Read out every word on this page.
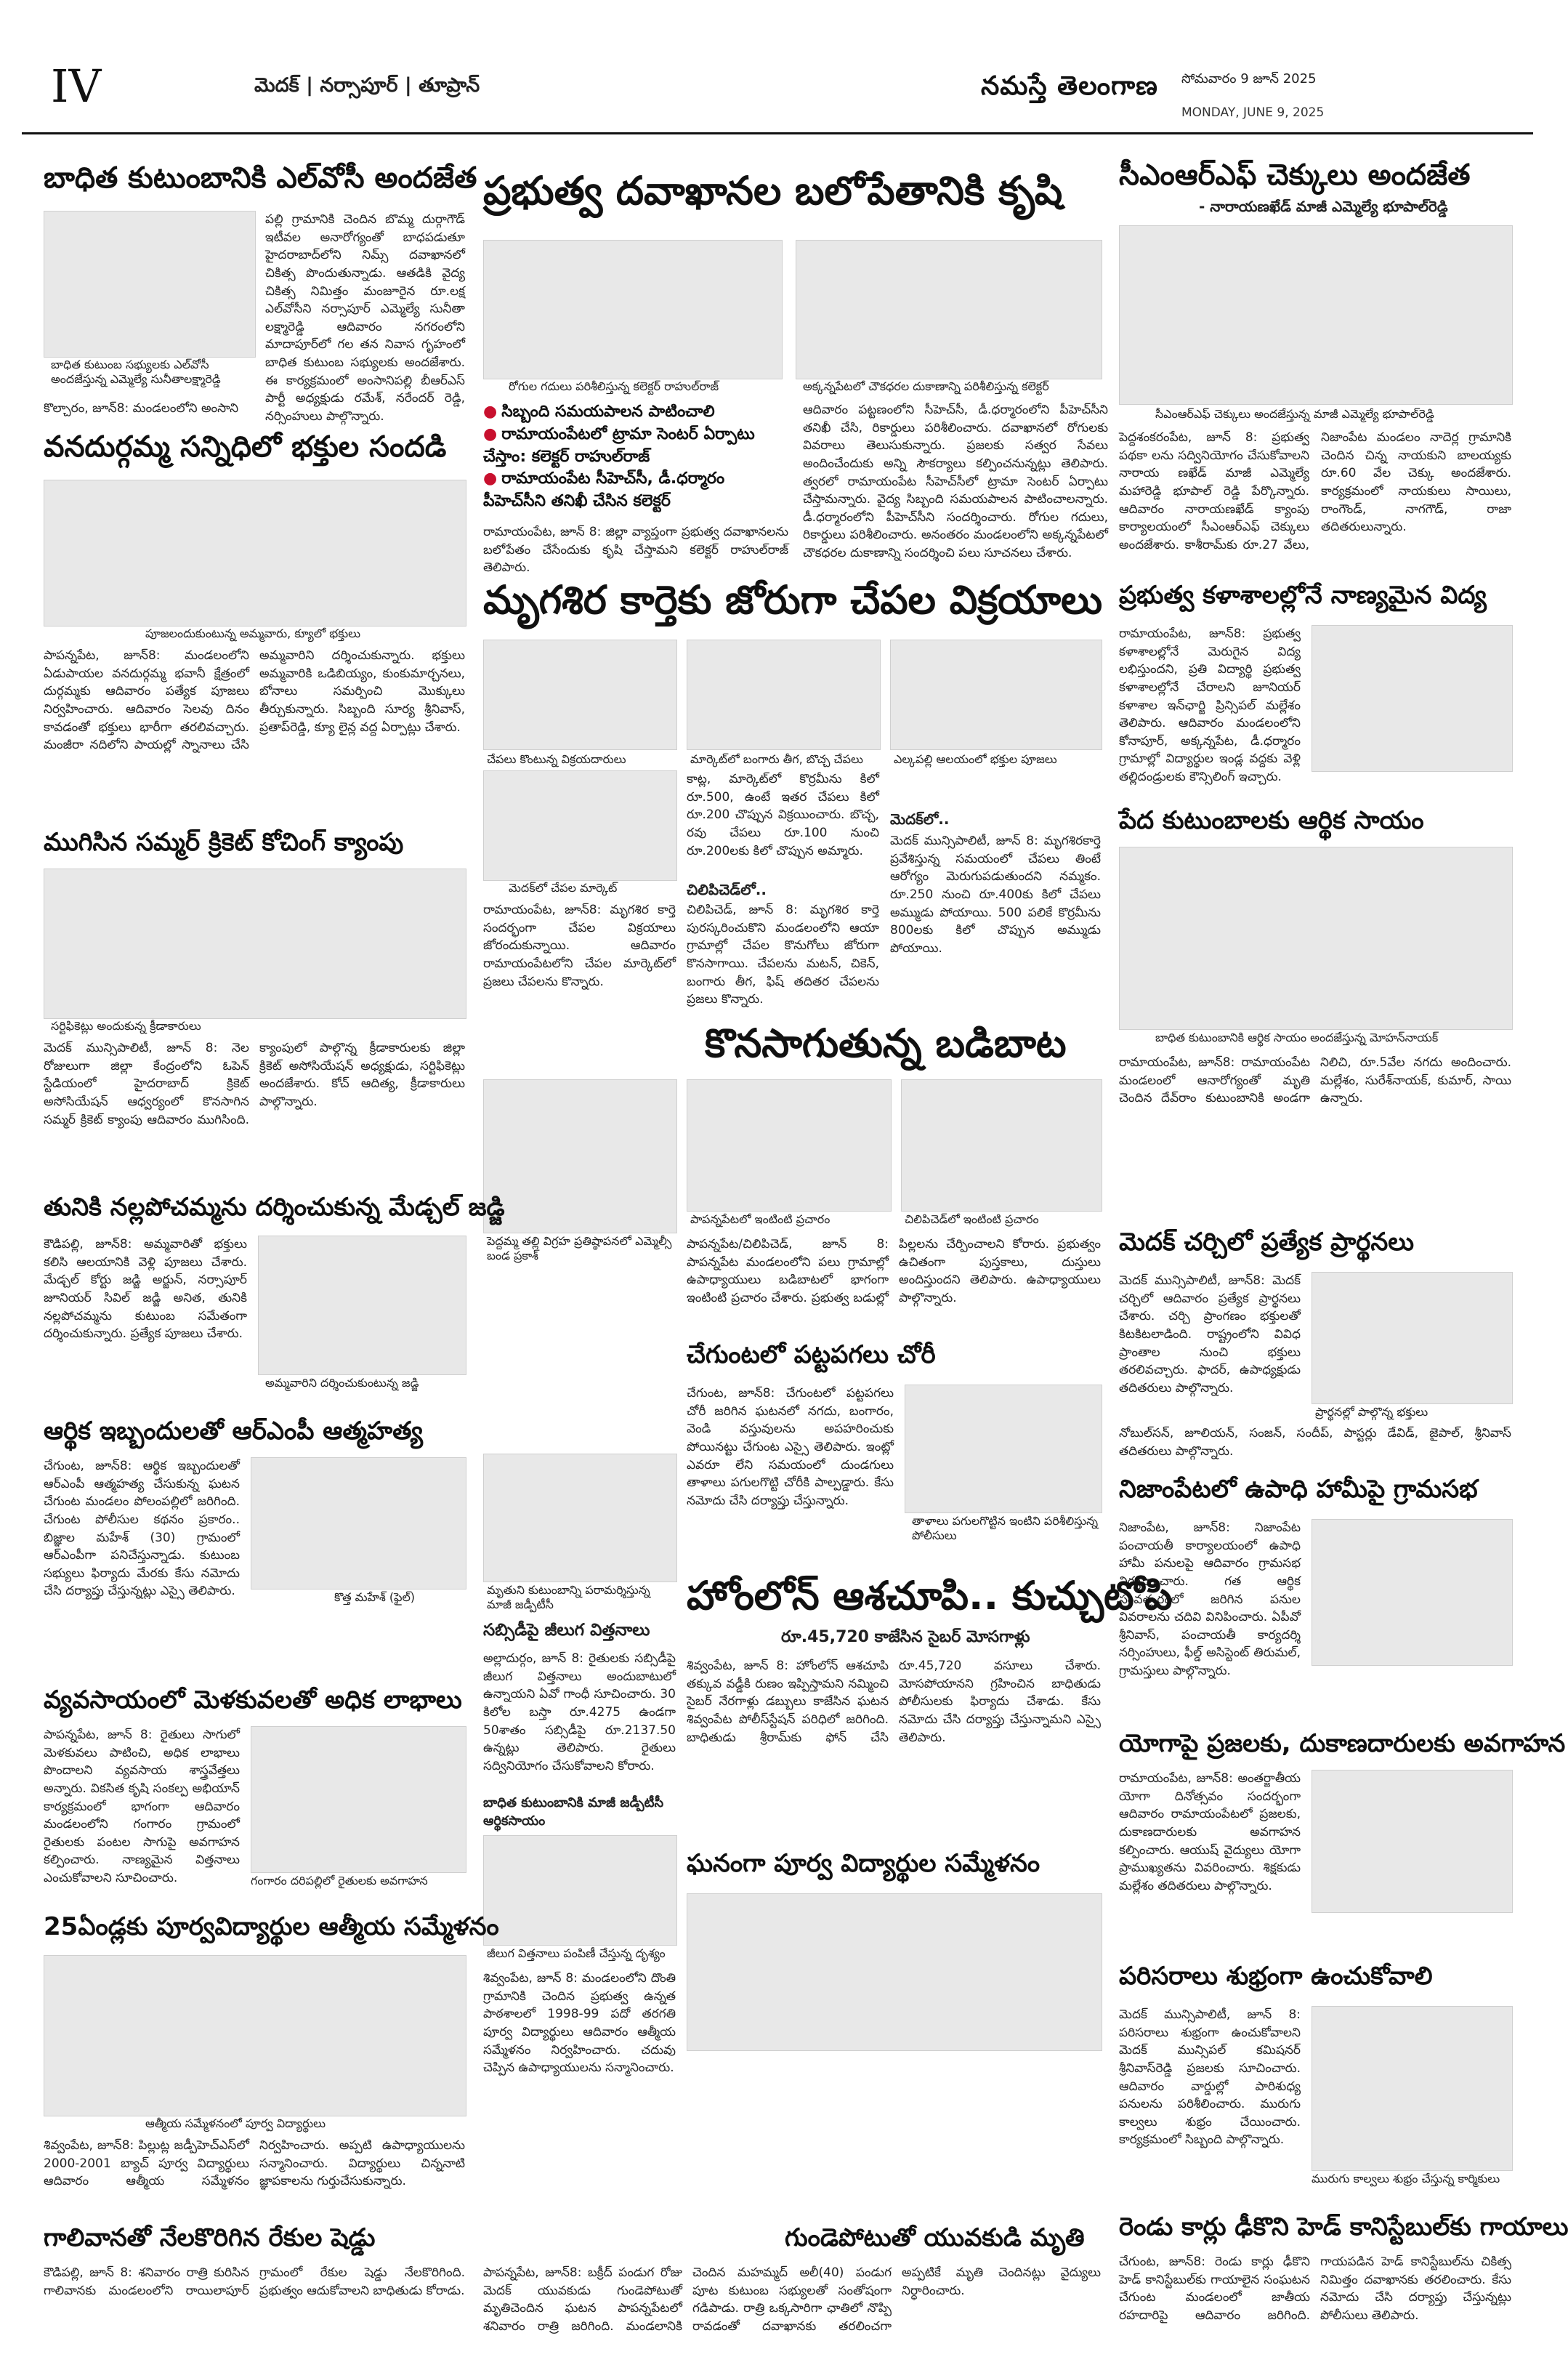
IV	మెదక్ | నర్సాపూర్ | తూప్రాన్	నమస్తే తెలంగాణ సోమవారం 9 జూన్ 2025
MONDAY, JUNE 9, 2025
బాధిత కుటుంబానికి ఎల్‌వోసీ అందజేత
బాధిత కుటుంబ సభ్యులకు ఎల్‌వోసీ అందజేస్తున్న ఎమ్మెల్యే సునీతాలక్ష్మారెడ్డి
పల్లి గ్రామానికి చెందిన బొమ్మ దుర్గాగౌడ్ ఇటీవల అనారోగ్యంతో బాధపడుతూ హైదరాబాద్‌లోని నిమ్స్ దవాఖానలో చికిత్స పొందుతున్నాడు. ఆతడికి వైద్య చికిత్స నిమిత్తం మంజూరైన రూ.లక్ష ఎల్‌వోసీని నర్సాపూర్ ఎమ్మెల్యే సునీతా లక్ష్మారెడ్డి ఆదివారం నగరంలోని మాదాపూర్‌లో గల తన నివాస గృహంలో బాధిత కుటుంబ సభ్యులకు అందజేశారు. ఈ కార్యక్రమంలో అంసానిపల్లి బీఆర్ఎస్ పార్టీ అధ్యక్షుడు రమేశ్, నరేందర్ రెడ్డి, నర్సింహులు పాల్గొన్నారు.
కొల్చారం, జూన్8: మండలంలోని అంసాని
ప్రభుత్వ దవాఖానల బలోపేతానికి కృషి
రోగుల గదులు పరిశీలిస్తున్న కలెక్టర్ రాహుల్‌రాజ్	అక్కన్నపేటలో చౌకధరల దుకాణాన్ని పరిశీలిస్తున్న కలెక్టర్
● సిబ్బంది సమయపాలన పాటించాలి
● రామాయంపేటలో ట్రామా సెంటర్ ఏర్పాటు చేస్తాం: కలెక్టర్ రాహుల్‌రాజ్
● రామాయంపేట సీహెచ్‌సీ, డీ.ధర్మారం పీహెచ్‌సీని తనిఖీ చేసిన కలెక్టర్
రామాయంపేట, జూన్ 8: జిల్లా వ్యాప్తంగా ప్రభుత్వ దవాఖానలను బలోపేతం చేసేందుకు కృషి చేస్తామని కలెక్టర్ రాహుల్‌రాజ్ తెలిపారు.
ఆదివారం పట్టణంలోని సీహెచ్‌సీ, డీ.ధర్మారంలోని పీహెచ్‌సీని తనిఖీ చేసి, రికార్డులు పరిశీలించారు. దవాఖానలో రోగులకు వివరాలు తెలుసుకున్నారు. ప్రజలకు సత్వర సేవలు అందించేందుకు అన్ని సౌకర్యాలు కల్పించనున్నట్లు తెలిపారు. త్వరలో రామాయంపేట సీహెచ్‌సీలో ట్రామా సెంటర్ ఏర్పాటు చేస్తామన్నారు. వైద్య సిబ్బంది సమయపాలన పాటించాలన్నారు. డీ.ధర్మారంలోని పీహెచ్‌సీని సందర్శించారు. రోగుల గదులు, రికార్డులు పరిశీలించారు. అనంతరం మండలంలోని అక్కన్నపేటలో చౌకధరల దుకాణాన్ని సందర్శించి పలు సూచనలు చేశారు.
సీఎంఆర్‌ఎఫ్ చెక్కులు అందజేత
- నారాయణఖేడ్ మాజీ ఎమ్మెల్యే భూపాల్‌రెడ్డి
సీఎంఆర్‌ఎఫ్ చెక్కులు అందజేస్తున్న మాజీ ఎమ్మెల్యే భూపాల్‌రెడ్డి
పెద్దశంకరంపేట, జూన్ 8: ప్రభుత్వ పథకా లను సద్వినియోగం చేసుకోవాలని నారాయ ణఖేడ్ మాజీ ఎమ్మెల్యే మహారెడ్డి భూపాల్ రెడ్డి పేర్కొన్నారు. ఆదివారం నారాయణఖేడ్ క్యాంపు కార్యాలయంలో సీఎంఆర్‌ఎఫ్ చెక్కులు అందజేశారు. కాశీరామ్‌కు రూ.27 వేలు, నిజాంపేట మండలం నాదెర్ల గ్రామానికి చెందిన చిన్న నాయకుని బాలయ్యకు రూ.60 వేల చెక్కు అందజేశారు. కార్యక్రమంలో నాయకులు సాయిలు, రాంగౌండ్, నాగగౌడ్, రాజా తదితరులున్నారు.
వనదుర్గమ్మ సన్నిధిలో భక్తుల సందడి
పూజలందుకుంటున్న అమ్మవారు, క్యూలో భక్తులు
పాపన్నపేట, జూన్8: మండలంలోని ఏడుపాయల వనదుర్గమ్మ భవానీ క్షేత్రంలో దుర్గమ్మకు ఆదివారం పత్యేక పూజలు నిర్వహించారు. ఆదివారం సెలవు దినం కావడంతో భక్తులు భారీగా తరలివచ్చారు. మంజీరా నదిలోని పాయల్లో స్నానాలు చేసి అమ్మవారిని దర్శించుకున్నారు. భక్తులు అమ్మవారికి ఒడిబియ్యం, కుంకుమార్చనలు, బోనాలు సమర్పించి మొక్కులు తీర్చుకున్నారు. సిబ్బంది సూర్య శ్రీనివాస్, ప్రతాప్‌రెడ్డి, క్యూ లైన్ల వద్ద ఏర్పాట్లు చేశారు.
మృగశిర కార్తెకు జోరుగా చేపల విక్రయాలు
చేపలు కొంటున్న విక్రయదారులు	మార్కెట్‌లో బంగారు తీగ, బొచ్చ చేపలు	ఎల్కపల్లి ఆలయంలో భక్తుల పూజలు
కాట్ల, మార్కెట్‌లో కొర్రమీను కిలో రూ.500, ఉంటే ఇతర చేపలు కిలో రూ.200 చొప్పున విక్రయించారు. బొచ్చ, రవు చేపలు రూ.100 నుంచి రూ.200లకు కిలో చొప్పున అమ్మారు.
మెదక్‌లో..
మెదక్ మున్సిపాలిటీ, జూన్ 8: మృగశిరకార్తె ప్రవేశిస్తున్న సమయంలో చేపలు తింటే ఆరోగ్యం మెరుగుపడుతుందని నమ్మకం. రూ.250 నుంచి రూ.400కు కిలో చేపలు అమ్ముడు పోయాయి. 500 పలికే కొర్రమీను 800లకు కిలో చొప్పున అమ్ముడు పోయాయి.
మెదక్‌లో చేపల మార్కెట్
రామాయంపేట, జూన్8: మృగశిర కార్తె సందర్భంగా చేపల విక్రయాలు జోరందుకున్నాయి. ఆదివారం రామాయంపేటలోని చేపల మార్కెట్‌లో ప్రజలు చేపలను కొన్నారు.
చిలిపిచెడ్‌లో..
చిలిపిచెడ్, జూన్ 8: మృగశిర కార్తె పురస్కరించుకొని మండలంలోని ఆయా గ్రామాల్లో చేపల కొనుగోలు జోరుగా కొనసాగాయి. చేపలను మటన్, చికెన్, బంగారు తీగ, ఫిష్ తదితర చేపలను ప్రజలు కొన్నారు.
ప్రభుత్వ కళాశాలల్లోనే నాణ్యమైన విద్య
రామాయంపేట, జూన్8: ప్రభుత్వ కళాశాలల్లోనే మెరుగైన విద్య లభిస్తుందని, ప్రతి విద్యార్థి ప్రభుత్వ కళాశాలల్లోనే చేరాలని జూనియర్ కళాశాల ఇన్‌ఛార్జి ప్రిన్సిపల్ మల్లేశం తెలిపారు. ఆదివారం మండలంలోని కోనాపూర్, అక్కన్నపేట, డీ.ధర్మారం గ్రామాల్లో విద్యార్థుల ఇండ్ల వద్దకు వెళ్లి తల్లిదండ్రులకు కౌన్సిలింగ్ ఇచ్చారు.
ముగిసిన సమ్మర్ క్రికెట్ కోచింగ్ క్యాంపు
సర్టిఫికెట్లు అందుకున్న క్రీడాకారులు
మెదక్ మున్సిపాలిటీ, జూన్ 8: నెల రోజులుగా జిల్లా కేంద్రంలోని ఓపెన్ స్టేడియంలో హైదరాబాద్ క్రికెట్ అసోసియేషన్ ఆధ్వర్యంలో కొనసాగిన సమ్మర్ క్రికెట్ క్యాంపు ఆదివారం ముగిసింది. క్యాంపులో పాల్గొన్న క్రీడాకారులకు జిల్లా క్రికెట్ అసోసియేషన్ అధ్యక్షుడు, సర్టిఫికెట్లు అందజేశారు. కోచ్ ఆదిత్య, క్రీడాకారులు పాల్గొన్నారు.
పేద కుటుంబాలకు ఆర్థిక సాయం
బాధిత కుటుంబానికి ఆర్థిక సాయం అందజేస్తున్న మోహన్‌నాయక్
రామాయంపేట, జూన్8: రామాయంపేట మండలంలో ఆనారోగ్యంతో మృతి చెందిన దేవ్‌రాం కుటుంబానికి అండగా నిలిచి, రూ.5వేల నగదు అందించారు. మల్లేశం, సురేశ్‌నాయక్, కుమార్, సాయి ఉన్నారు.
కొనసాగుతున్న బడిబాట
పెద్దమ్మ తల్లి విగ్రహ ప్రతిష్ఠాపనలో ఎమ్మెల్సీ బండ ప్రకాశ్
పాపన్నపేటలో ఇంటింటి ప్రచారం	చిలిపిచెడ్‌లో ఇంటింటి ప్రచారం
పాపన్నపేట/చిలిపిచెడ్, జూన్ 8: పాపన్నపేట మండలంలోని పలు గ్రామాల్లో ఉపాధ్యాయులు బడిబాటలో భాగంగా ఇంటింటి ప్రచారం చేశారు. ప్రభుత్వ బడుల్లో పిల్లలను చేర్పించాలని కోరారు. ప్రభుత్వం ఉచితంగా పుస్తకాలు, దుస్తులు అందిస్తుందని తెలిపారు. ఉపాధ్యాయులు పాల్గొన్నారు.
తునికి నల్లపోచమ్మను దర్శించుకున్న మేడ్చల్ జడ్జి
కౌడిపల్లి, జూన్8: అమ్మవారితో భక్తులు కలిసి ఆలయానికి వెళ్లి పూజలు చేశారు. మేడ్చల్ కోర్టు జడ్జి అర్జున్, నర్సాపూర్ జూనియర్ సివిల్ జడ్జి అనిత, తునికి నల్లపోచమ్మను కుటుంబ సమేతంగా దర్శించుకున్నారు. ప్రత్యేక పూజలు చేశారు.
అమ్మవారిని దర్శించుకుంటున్న జడ్జి
మెదక్ చర్చిలో ప్రత్యేక ప్రార్థనలు
మెదక్ మున్సిపాలిటీ, జూన్8: మెదక్ చర్చిలో ఆదివారం ప్రత్యేక ప్రార్థనలు చేశారు. చర్చి ప్రాంగణం భక్తులతో కిటకిటలాడింది. రాష్ట్రంలోని వివిధ ప్రాంతాల నుంచి భక్తులు తరలివచ్చారు. ఫాదర్, ఉపాధ్యక్షుడు తదితరులు పాల్గొన్నారు.
ప్రార్థనల్లో పాల్గొన్న భక్తులు
నోబుల్‌సన్, జూలియన్, సంజన్, సందీప్, పాస్టర్లు డేవిడ్, జైపాల్, శ్రీనివాస్ తదితరులు పాల్గొన్నారు.
చేగుంటలో పట్టపగలు చోరీ
చేగుంట, జూన్8: చేగుంటలో పట్టపగలు చోరీ జరిగిన ఘటనలో నగదు, బంగారం, వెండి వస్తువులను అపహరించుకు పోయినట్టు చేగుంట ఎస్సై తెలిపారు. ఇంట్లో ఎవరూ లేని సమయంలో దుండగులు తాళాలు పగులగొట్టి చోరీకి పాల్పడ్డారు. కేసు నమోదు చేసి దర్యాప్తు చేస్తున్నారు.
తాళాలు పగులగొట్టిన ఇంటిని పరిశీలిస్తున్న పోలీసులు
ఆర్థిక ఇబ్బందులతో ఆర్‌ఎంపీ ఆత్మహత్య
చేగుంట, జూన్8: ఆర్థిక ఇబ్బందులతో ఆర్‌ఎంపీ ఆత్మహత్య చేసుకున్న ఘటన చేగుంట మండలం పోలంపల్లిలో జరిగింది. చేగుంట పోలీసుల కథనం ప్రకారం.. బిజ్ఞాల మహేశ్ (30) గ్రామంలో ఆర్‌ఎంపీగా పనిచేస్తున్నాడు. కుటుంబ సభ్యులు ఫిర్యాదు మేరకు కేసు నమోదు చేసి దర్యాప్తు చేస్తున్నట్లు ఎస్సై తెలిపారు.	కొత్త మహేశ్ (ఫైల్)
నిజాంపేటలో ఉపాధి హామీపై గ్రామసభ
నిజాంపేట, జూన్8: నిజాంపేట పంచాయతీ కార్యాలయంలో ఉపాధి హామీ పనులపై ఆదివారం గ్రామసభ నిర్వహించారు. గత ఆర్థిక సంవత్సరంలో జరిగిన పనుల వివరాలను చదివి వినిపించారు. ఏపీవో శ్రీనివాస్, పంచాయతీ కార్యదర్శి నర్సింహులు, ఫీల్డ్ అసిస్టెంట్ తిరుమల్, గ్రామస్తులు పాల్గొన్నారు.
హోంలోన్ ఆశచూపి.. కుచ్చుటోపి
రూ.45,720 కాజేసిన సైబర్ మోసగాళ్లు
శివ్వంపేట, జూన్ 8: హోంలోన్ ఆశచూపి తక్కువ వడ్డీకి రుణం ఇప్పిస్తామని నమ్మించి సైబర్ నేరగాళ్లు డబ్బులు కాజేసిన ఘటన శివ్వంపేట పోలీస్‌స్టేషన్ పరిధిలో జరిగింది. బాధితుడు శ్రీరామ్‌కు ఫోన్ చేసి రూ.45,720 వసూలు చేశారు. మోసపోయానని గ్రహించిన బాధితుడు పోలీసులకు ఫిర్యాదు చేశాడు. కేసు నమోదు చేసి దర్యాప్తు చేస్తున్నామని ఎస్సై తెలిపారు.
మృతుని కుటుంబాన్ని పరామర్శిస్తున్న మాజీ జడ్పీటీసీ
సబ్సిడీపై జీలుగ విత్తనాలు
అల్లాదుర్గం, జూన్ 8: రైతులకు సబ్సిడీపై జీలుగ విత్తనాలు అందుబాటులో ఉన్నాయని ఏవో గాంధీ సూచించారు. 30 కిలోల బస్తా రూ.4275 ఉండగా 50శాతం సబ్సిడీపై రూ.2137.50 ఉన్నట్లు తెలిపారు. రైతులు సద్వినియోగం చేసుకోవాలని కోరారు.
బాధిత కుటుంబానికి మాజీ జడ్పీటీసీ ఆర్థికసాయం
జీలుగ విత్తనాలు పంపిణీ చేస్తున్న దృశ్యం
వ్యవసాయంలో మెళకువలతో అధిక లాభాలు
పాపన్నపేట, జూన్ 8: రైతులు సాగులో మెళకువలు పాటించి, అధిక లాభాలు పొందాలని వ్యవసాయ శాస్త్రవేత్తలు అన్నారు. వికసిత కృషి సంకల్ప అభియాన్ కార్యక్రమంలో భాగంగా ఆదివారం మండలంలోని గంగారం గ్రామంలో రైతులకు పంటల సాగుపై అవగాహన కల్పించారు. నాణ్యమైన విత్తనాలు ఎంచుకోవాలని సూచించారు.	గంగారం దరిపల్లిలో రైతులకు అవగాహన
యోగాపై ప్రజలకు, దుకాణదారులకు అవగాహన
రామాయంపేట, జూన్8: అంతర్జాతీయ యోగా దినోత్సవం సందర్భంగా ఆదివారం రామాయంపేటలో ప్రజలకు, దుకాణదారులకు అవగాహన కల్పించారు. ఆయుష్ వైద్యులు యోగా ప్రాముఖ్యతను వివరించారు. శిక్షకుడు మల్లేశం తదితరులు పాల్గొన్నారు.
ఘనంగా పూర్వ విద్యార్థుల సమ్మేళనం
శివ్వంపేట, జూన్ 8: మండలంలోని దొంతి గ్రామానికి చెందిన ప్రభుత్వ ఉన్నత పాఠశాలలో 1998-99 పదో తరగతి పూర్వ విద్యార్థులు ఆదివారం ఆత్మీయ సమ్మేళనం నిర్వహించారు. చదువు చెప్పిన ఉపాధ్యాయులను సన్మానించారు.
25ఏండ్లకు పూర్వవిద్యార్థుల ఆత్మీయ సమ్మేళనం
ఆత్మీయ సమ్మేళనంలో పూర్వ విద్యార్థులు
శివ్వంపేట, జూన్8: పిల్లుట్ల జడ్పీహెచ్‌ఎస్‌లో 2000-2001 బ్యాచ్ పూర్వ విద్యార్థులు ఆదివారం ఆత్మీయ సమ్మేళనం నిర్వహించారు. అప్పటి ఉపాధ్యాయులను సన్మానించారు. విద్యార్థులు చిన్ననాటి జ్ఞాపకాలను గుర్తుచేసుకున్నారు.
పరిసరాలు శుభ్రంగా ఉంచుకోవాలి
మెదక్ మున్సిపాలిటీ, జూన్ 8: పరిసరాలు శుభ్రంగా ఉంచుకోవాలని మెదక్ మున్సిపల్ కమిషనర్ శ్రీనివాస్‌రెడ్డి ప్రజలకు సూచించారు. ఆదివారం వార్డుల్లో పారిశుధ్య పనులను పరిశీలించారు. మురుగు కాల్వలు శుభ్రం చేయించారు. కార్యక్రమంలో సిబ్బంది పాల్గొన్నారు.
మురుగు కాల్వలు శుభ్రం చేస్తున్న కార్మికులు
గాలివానతో నేలకొరిగిన రేకుల షెడ్డు
కౌడిపల్లి, జూన్ 8: శనివారం రాత్రి కురిసిన గాలివానకు మండలంలోని రాయిలాపూర్ గ్రామంలో రేకుల షెడ్డు నేలకొరిగింది. ప్రభుత్వం ఆదుకోవాలని బాధితుడు కోరాడు.
గుండెపోటుతో యువకుడి మృతి
పాపన్నపేట, జూన్8: బక్రీద్ పండుగ రోజు మెదక్ యువకుడు గుండెపోటుతో మృతిచెందిన ఘటన పాపన్నపేటలో శనివారం రాత్రి జరిగింది. మండలానికి చెందిన మహమ్మద్ అలీ(40) పండుగ పూట కుటుంబ సభ్యులతో సంతోషంగా గడిపాడు. రాత్రి ఒక్కసారిగా ఛాతిలో నొప్పి రావడంతో దవాఖానకు తరలించగా అప్పటికే మృతి చెందినట్లు వైద్యులు నిర్ధారించారు.
రెండు కార్లు ఢీకొని హెడ్ కానిస్టేబుల్‌కు గాయాలు
చేగుంట, జూన్8: రెండు కార్లు ఢీకొని హెడ్ కానిస్టేబుల్‌కు గాయాలైన సంఘటన చేగుంట మండలంలో జాతీయ రహదారిపై ఆదివారం జరిగింది. గాయపడిన హెడ్ కానిస్టేబుల్‌ను చికిత్స నిమిత్తం దవాఖానకు తరలించారు. కేసు నమోదు చేసి దర్యాప్తు చేస్తున్నట్లు పోలీసులు తెలిపారు.
